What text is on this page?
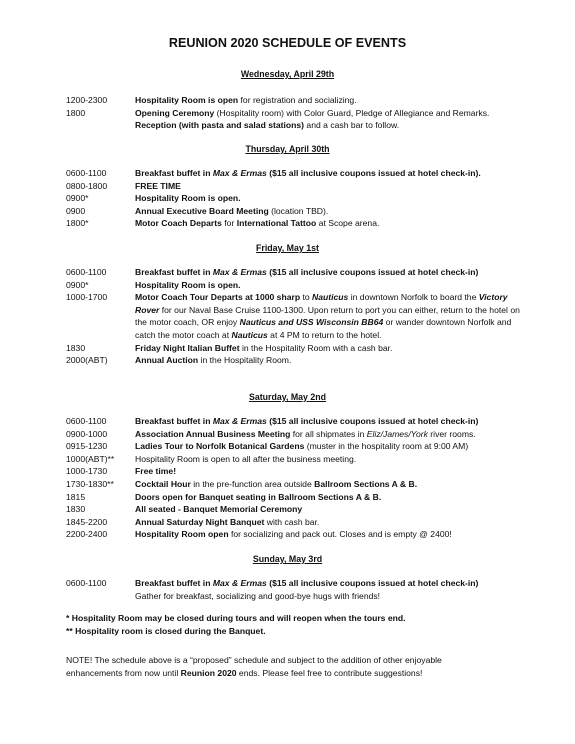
REUNION 2020 SCHEDULE OF EVENTS
Wednesday, April 29th
1200-2300	Hospitality Room is open for registration and socializing.
1800	Opening Ceremony (Hospitality room) with Color Guard, Pledge of Allegiance and Remarks. Reception (with pasta and salad stations) and a cash bar to follow.
Thursday, April 30th
0600-1100	Breakfast buffet in Max & Ermas ($15 all inclusive coupons issued at hotel check-in).
0800-1800	FREE TIME
0900*	Hospitality Room is open.
0900	Annual Executive Board Meeting (location TBD).
1800*	Motor Coach Departs for International Tattoo at Scope arena.
Friday, May 1st
0600-1100	Breakfast buffet in Max & Ermas ($15 all inclusive coupons issued at hotel check-in)
0900*	Hospitality Room is open.
1000-1700	Motor Coach Tour Departs at 1000 sharp to Nauticus in downtown Norfolk to board the Victory Rover for our Naval Base Cruise 1100-1300. Upon return to port you can either, return to the hotel on the motor coach, OR enjoy Nauticus and USS Wisconsin BB64 or wander downtown Norfolk and catch the motor coach at Nauticus at 4 PM to return to the hotel.
1830	Friday Night Italian Buffet in the Hospitality Room with a cash bar.
2000(ABT)	Annual Auction in the Hospitality Room.
Saturday, May 2nd
0600-1100	Breakfast buffet in Max & Ermas ($15 all inclusive coupons issued at hotel check-in)
0900-1000	Association Annual Business Meeting for all shipmates in Eliz/James/York river rooms.
0915-1230	Ladies Tour to Norfolk Botanical Gardens (muster in the hospitality room at 9:00 AM)
1000(ABT)**	Hospitality Room is open to all after the business meeting.
1000-1730	Free time!
1730-1830**	Cocktail Hour in the pre-function area outside Ballroom Sections A & B.
1815	Doors open for Banquet seating in Ballroom Sections A & B.
1830	All seated - Banquet Memorial Ceremony
1845-2200	Annual Saturday Night Banquet with cash bar.
2200-2400	Hospitality Room open for socializing and pack out. Closes and is empty @ 2400!
Sunday, May 3rd
0600-1100	Breakfast buffet in Max & Ermas ($15 all inclusive coupons issued at hotel check-in)
Gather for breakfast, socializing and good-bye hugs with friends!
* Hospitality Room may be closed during tours and will reopen when the tours end.
** Hospitality room is closed during the Banquet.
NOTE! The schedule above is a “proposed” schedule and subject to the addition of other enjoyable enhancements from now until Reunion 2020 ends. Please feel free to contribute suggestions!
